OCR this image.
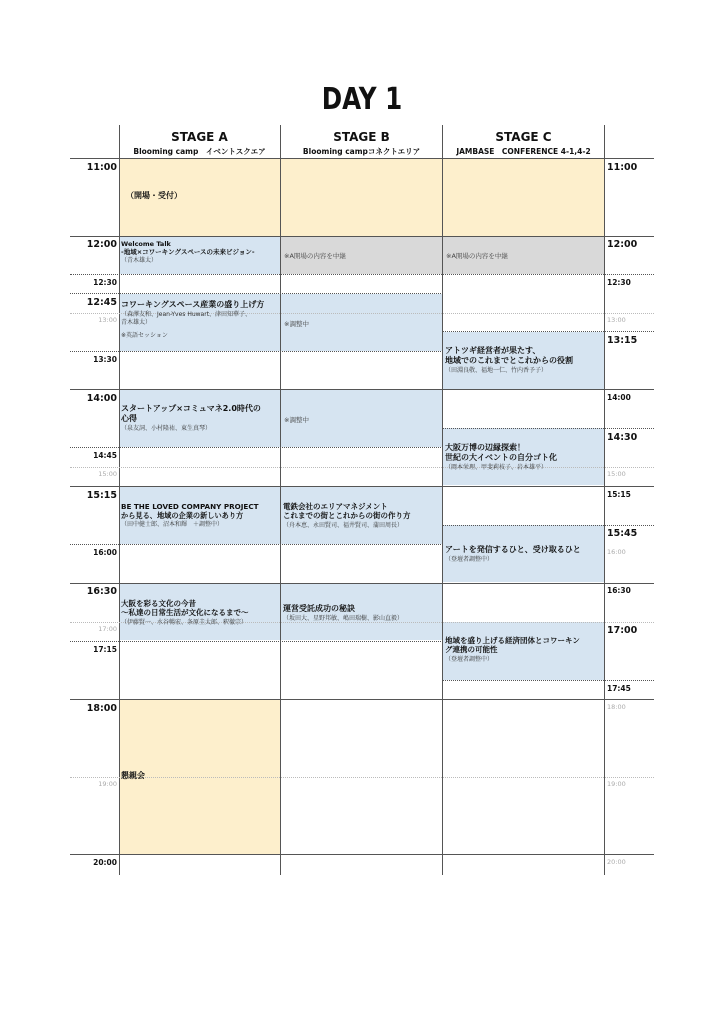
DAY 1
STAGE A
Blooming camp　イベントスクエア
STAGE B
Blooming campコネクトエリア
STAGE C
JAMBASE　CONFERENCE 4-1,4-2
11:00
12:00
12:30
12:45
13:00
13:30
14:00
14:45
15:00
15:15
16:00
16:30
17:00
17:15
18:00
19:00
20:00
11:00
12:00
12:30
13:00
13:15
14:00
14:30
15:00
15:15
15:45
16:00
16:30
17:00
17:45
18:00
19:00
20:00
（開場・受付）
Welcome Talk
-地域×コワーキングスペースの未来ビジョン-
（青木雄太）
コワーキングスペース産業の盛り上げ方
（森澤友和、Jean-Yves Huwart、津田知華子、
青木雄太）
※英語セッション
スタートアップ×コミュマネ2.0時代の
心得
（泉友詞、小村隆祐、東生真琴）
BE THE LOVED COMPANY PROJECT
から見る、地域の企業の新しいあり方
（田中健士郎、沼本和輝　＋調整中）
大阪を彩る文化の今昔
～私達の日常生活が文化になるまで～
（伊藤賢一、水谷暢宏、条原圭太郎、釈徹宗）
懇親会
※A開場の内容を中継
※調整中
※調整中
電鉄会社のエリアマネジメント
これまでの街とこれからの街の作り方
（舟本恵、永田賢司、福井賢司、蒲田周長）
運営受託成功の秘訣
（坂田大、星野邦敏、嶋田瑞樹、影山直毅）
※A開場の内容を中継
アトツギ経営者が果たす、
地域でのこれまでとこれからの役割
（田淵良敬、福地一仁、竹内香予子）
大阪万博の辺縁探索！
世紀の大イベントの自分ゴト化
（岡本栄理、甲斐莉枝子、岩本雄平）
アートを発信するひと、受け取るひと
（登壇者調整中）
地域を盛り上げる経済団体とコワーキン
グ連携の可能性
（登壇者調整中）
